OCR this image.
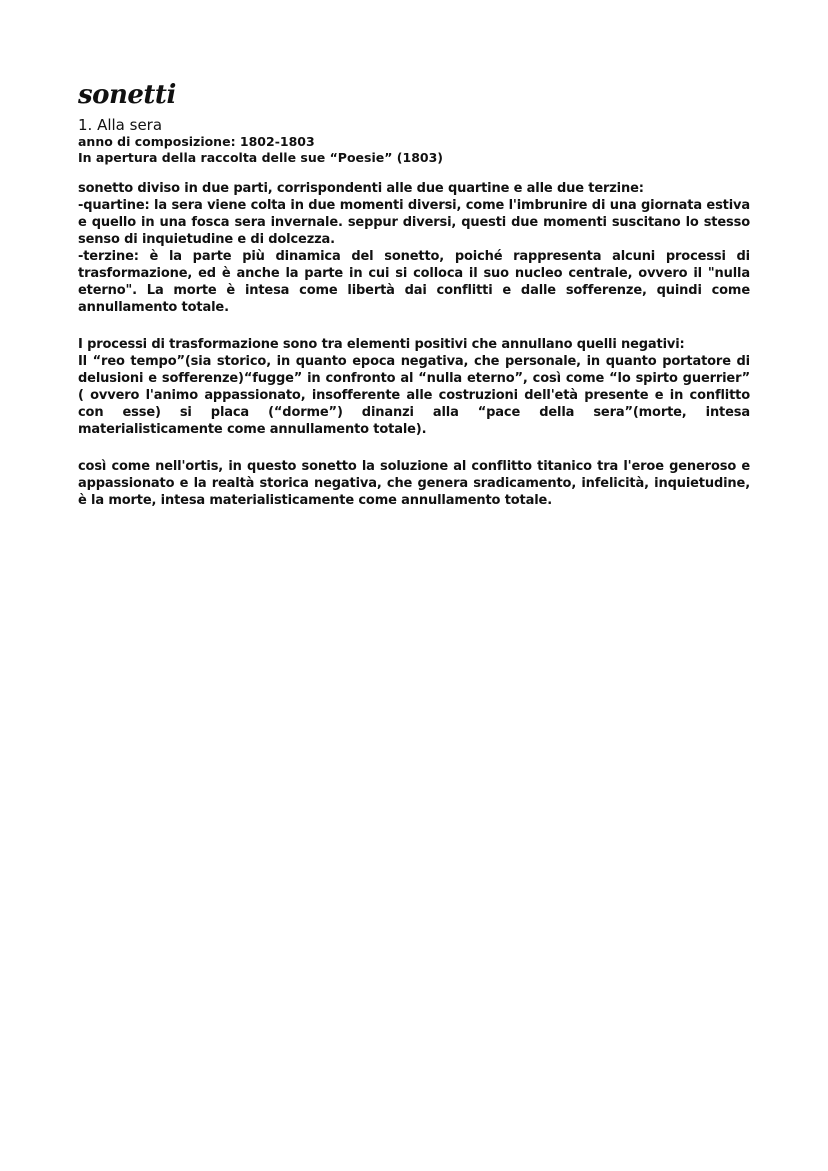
sonetti
1. Alla sera
anno di composizione: 1802-1803
In apertura della raccolta delle sue “Poesie” (1803)

sonetto diviso in due parti, corrispondenti alle due quartine e alle due terzine:

-quartine: la sera viene colta in due momenti diversi, come l'imbrunire di una giornata estiva e quello in una fosca sera invernale. seppur diversi, questi due momenti suscitano lo stesso senso di inquietudine e di dolcezza.

-terzine: è la parte più dinamica del sonetto, poiché rappresenta alcuni processi di trasformazione, ed è anche la parte in cui si colloca il suo nucleo centrale, ovvero il "nulla eterno". La morte è intesa come libertà dai conflitti e dalle sofferenze, quindi come annullamento totale.

I processi di trasformazione sono tra elementi positivi che annullano quelli negativi:

Il “reo tempo”(sia storico, in quanto epoca negativa, che personale, in quanto portatore di delusioni e sofferenze)“fugge” in confronto al “nulla eterno”, così come “lo spirto guerrier” ( ovvero l'animo appassionato, insofferente alle costruzioni dell'età presente e in conflitto con esse) si placa (“dorme”) dinanzi alla “pace della sera”(morte, intesa materialisticamente come annullamento totale).

così come nell'ortis, in questo sonetto la soluzione al conflitto titanico tra l'eroe generoso e appassionato e la realtà storica negativa, che genera sradicamento, infelicità, inquietudine, è la morte, intesa materialisticamente come annullamento totale.
